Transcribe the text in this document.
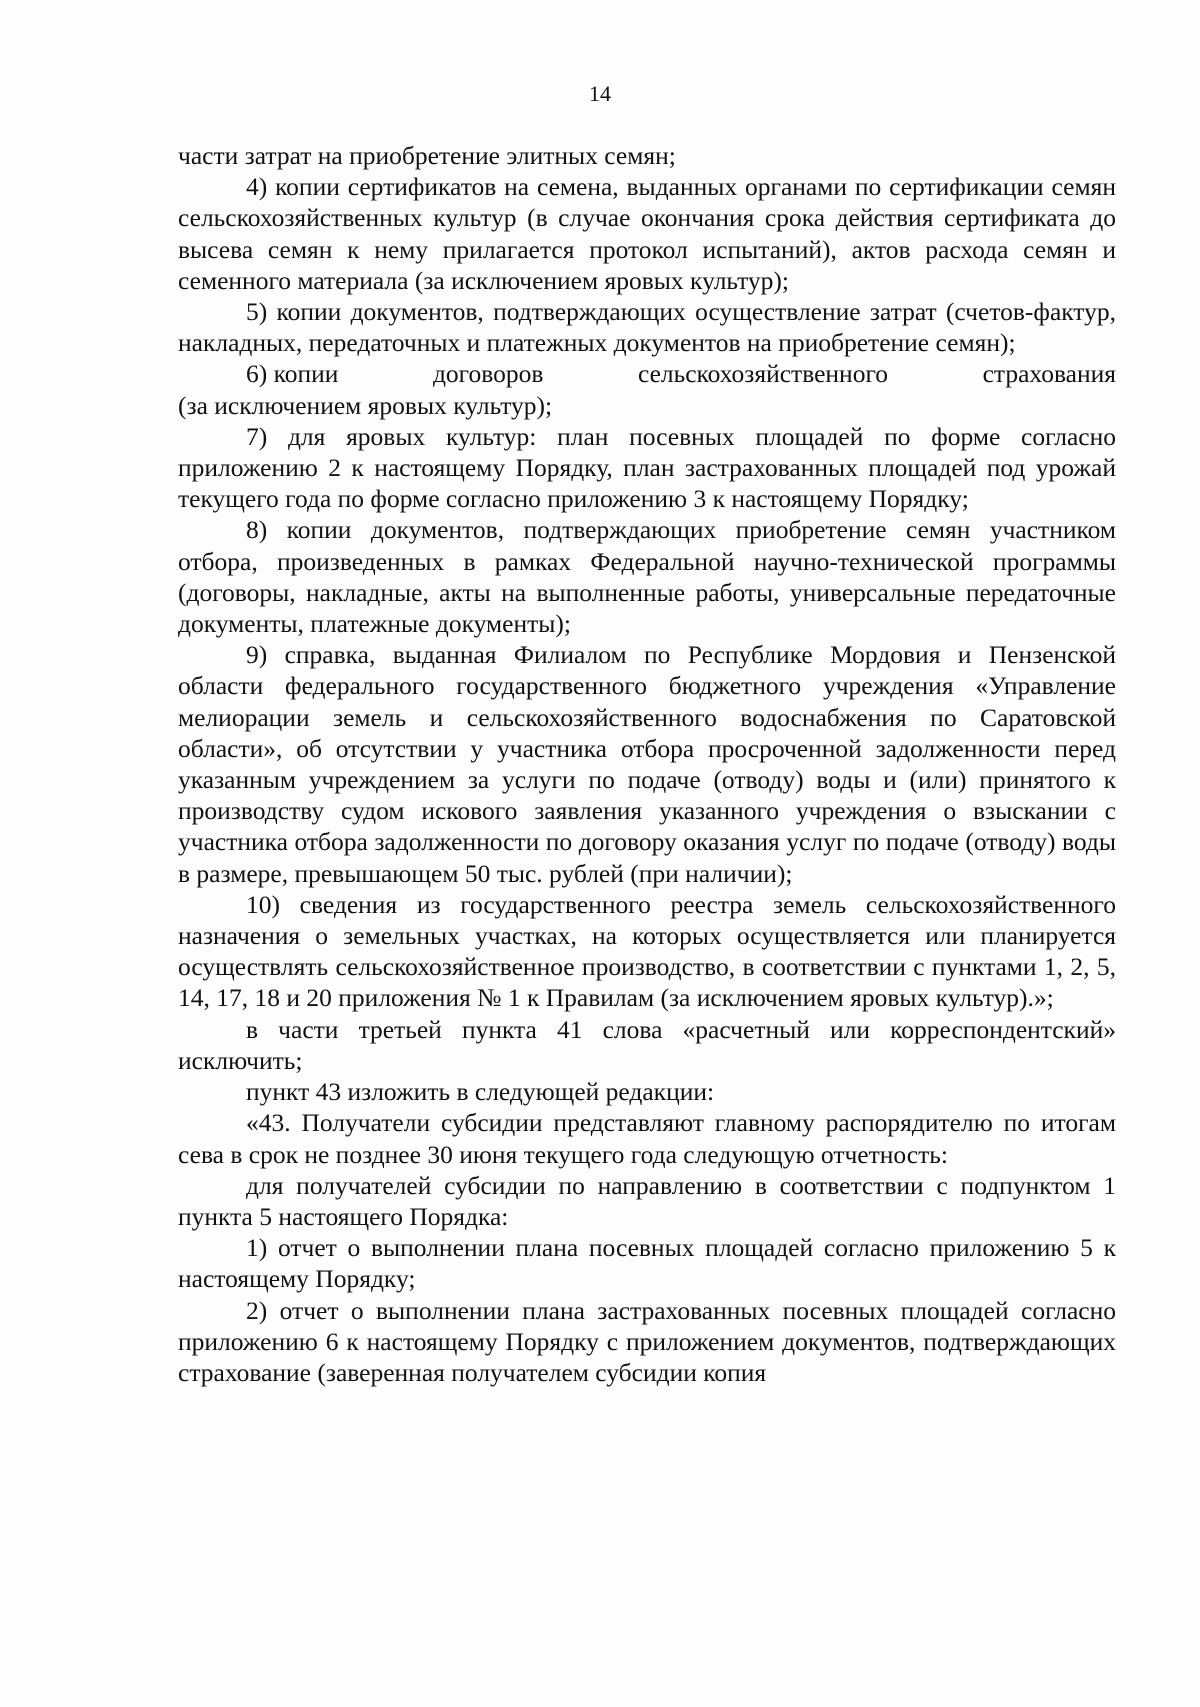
14

части затрат на приобретение элитных семян;

4) копии сертификатов на семена, выданных органами по сертификации семян сельскохозяйственных культур (в случае окончания срока действия сертификата до высева семян к нему прилагается протокол испытаний), актов расхода семян и семенного материала (за исключением яровых культур);

5) копии документов, подтверждающих осуществление затрат (счетов-фактур, накладных, передаточных и платежных документов на приобретение семян);

6) копии	договоров	сельскохозяйственного	страхования

(за исключением яровых культур);

7) для яровых культур: план посевных площадей по форме согласно приложению 2 к настоящему Порядку, план застрахованных площадей под урожай текущего года по форме согласно приложению 3 к настоящему Порядку;

8) копии документов, подтверждающих приобретение семян участником отбора, произведенных в рамках Федеральной научно-технической программы (договоры, накладные, акты на выполненные работы, универсальные передаточные документы, платежные документы);

9) справка, выданная Филиалом по Республике Мордовия и Пензенской области федерального государственного бюджетного учреждения «Управление мелиорации земель и сельскохозяйственного водоснабжения по Саратовской области», об отсутствии у участника отбора просроченной задолженности перед указанным учреждением за услуги по подаче (отводу) воды и (или) принятого к производству судом искового заявления указанного учреждения о взыскании с участника отбора задолженности по договору оказания услуг по подаче (отводу) воды в размере, превышающем 50 тыс. рублей (при наличии);

10) сведения из государственного реестра земель сельскохозяйственного назначения о земельных участках, на которых осуществляется или планируется осуществлять сельскохозяйственное производство, в соответствии с пунктами 1, 2, 5, 14, 17, 18 и 20 приложения № 1 к Правилам (за исключением яровых культур).»;

в части третьей пункта 41 слова «расчетный или корреспондентский» исключить;

пункт 43 изложить в следующей редакции:

«43. Получатели субсидии представляют главному распорядителю по итогам сева в срок не позднее 30 июня текущего года следующую отчетность:

для получателей субсидии по направлению в соответствии с подпунктом 1 пункта 5 настоящего Порядка:

1) отчет о выполнении плана посевных площадей согласно приложению 5 к настоящему Порядку;

2) отчет о выполнении плана застрахованных посевных площадей согласно приложению 6 к настоящему Порядку с приложением документов, подтверждающих страхование (заверенная получателем субсидии копия
